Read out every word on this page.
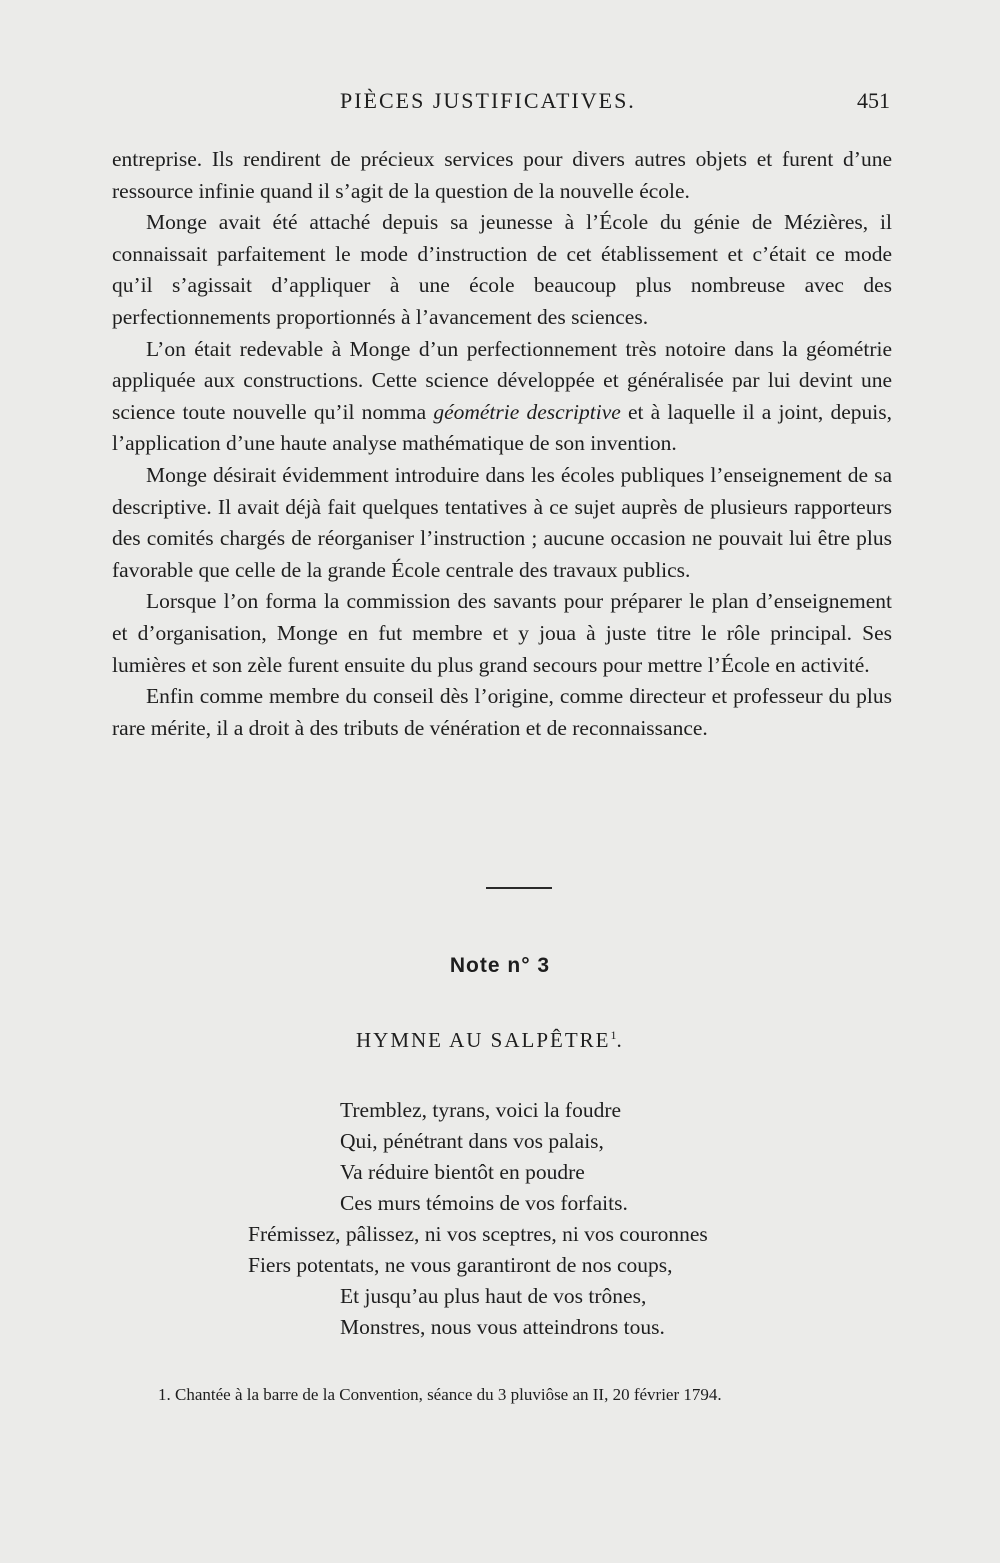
PIÈCES JUSTIFICATIVES.	451

entreprise. Ils rendirent de précieux services pour divers autres objets et furent d’une ressource infinie quand il s’agit de la question de la nouvelle école.

Monge avait été attaché depuis sa jeunesse à l’École du génie de Mézières, il connaissait parfaitement le mode d’instruction de cet établissement et c’était ce mode qu’il s’agissait d’appliquer à une école beaucoup plus nombreuse avec des perfectionnements proportionnés à l’avancement des sciences.

L’on était redevable à Monge d’un perfectionnement très notoire dans la géométrie appliquée aux constructions. Cette science développée et généralisée par lui devint une science toute nouvelle qu’il nomma géométrie descriptive et à laquelle il a joint, depuis, l’application d’une haute analyse mathématique de son invention.

Monge désirait évidemment introduire dans les écoles publiques l’enseignement de sa descriptive. Il avait déjà fait quelques tentatives à ce sujet auprès de plusieurs rapporteurs des comités chargés de réorganiser l’instruction ; aucune occasion ne pouvait lui être plus favorable que celle de la grande École centrale des travaux publics.

Lorsque l’on forma la commission des savants pour préparer le plan d’enseignement et d’organisation, Monge en fut membre et y joua à juste titre le rôle principal. Ses lumières et son zèle furent ensuite du plus grand secours pour mettre l’École en activité.

Enfin comme membre du conseil dès l’origine, comme directeur et professeur du plus rare mérite, il a droit à des tributs de vénération et de reconnaissance.

Note n° 3
HYMNE AU SALPÊTRE$^1$.
Tremblez, tyrans, voici la foudre
Qui, pénétrant dans vos palais,
Va réduire bientôt en poudre
Ces murs témoins de vos forfaits.
Frémissez, pâlissez, ni vos sceptres, ni vos couronnes
Fiers potentats, ne vous garantiront de nos coups,
Et jusqu’au plus haut de vos trônes,
Monstres, nous vous atteindrons tous.
1. Chantée à la barre de la Convention, séance du 3 pluviôse an II, 20 février 1794.
